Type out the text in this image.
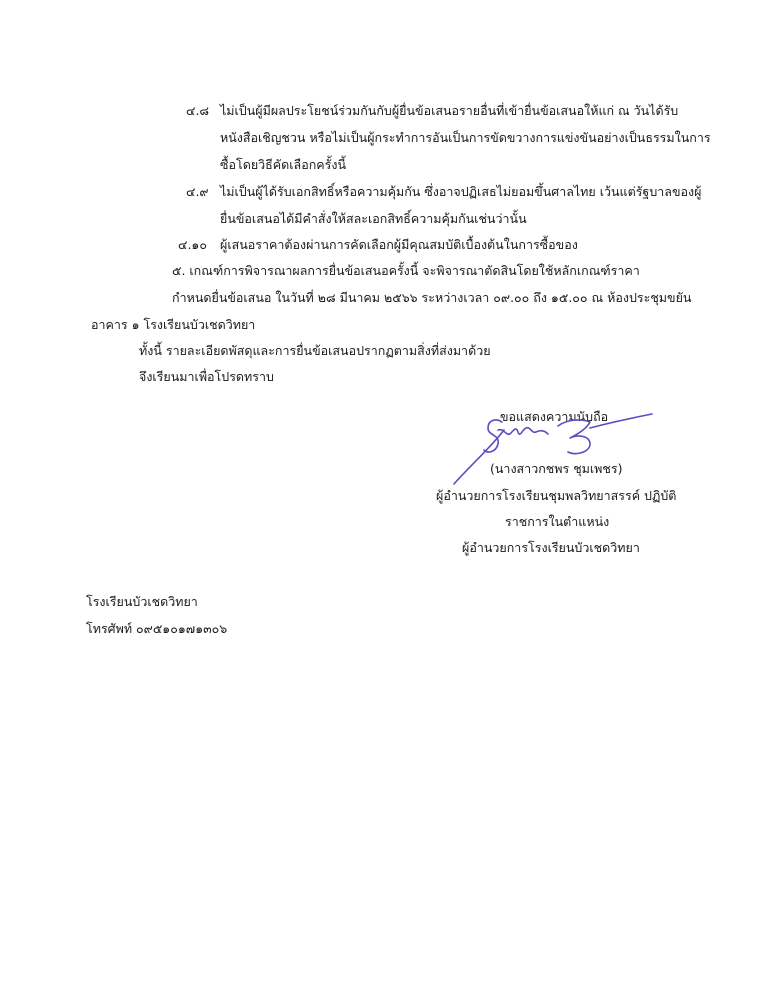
๔.๘ ไม่เป็นผู้มีผลประโยชน์ร่วมกันกับผู้ยื่นข้อเสนอรายอื่นที่เข้ายื่นข้อเสนอให้แก่ ณ วันได้รับ
หนังสือเชิญชวน หรือไม่เป็นผู้กระทำการอันเป็นการขัดขวางการแข่งขันอย่างเป็นธรรมในการ
ซื้อโดยวิธีคัดเลือกครั้งนี้
๔.๙ ไม่เป็นผู้ได้รับเอกสิทธิ์หรือความคุ้มกัน ซึ่งอาจปฏิเสธไม่ยอมขึ้นศาลไทย เว้นแต่รัฐบาลของผู้
ยื่นข้อเสนอได้มีคำสั่งให้สละเอกสิทธิ์ความคุ้มกันเช่นว่านั้น
๔.๑๐ ผู้เสนอราคาต้องผ่านการคัดเลือกผู้มีคุณสมบัติเบื้องต้นในการซื้อของ
๕. เกณฑ์การพิจารณาผลการยื่นข้อเสนอครั้งนี้ จะพิจารณาตัดสินโดยใช้หลักเกณฑ์ราคา
กำหนดยื่นข้อเสนอ ในวันที่ ๒๘ มีนาคม ๒๕๖๖ ระหว่างเวลา ๐๙.๐๐ ถึง ๑๕.๐๐ ณ ห้องประชุมขยัน
อาคาร ๑ โรงเรียนบัวเชดวิทยา
ทั้งนี้ รายละเอียดพัสดุและการยื่นข้อเสนอปรากฏตามสิ่งที่ส่งมาด้วย
จึงเรียนมาเพื่อโปรดทราบ
ขอแสดงความนับถือ
(นางสาวกชพร ชุมเพชร)
ผู้อำนวยการโรงเรียนชุมพลวิทยาสรรค์ ปฏิบัติ
ราชการในตำแหน่ง
ผู้อำนวยการโรงเรียนบัวเชดวิทยา
โรงเรียนบัวเชดวิทยา
โทรศัพท์ ๐๙๕๑๐๑๗๑๓๐๖
